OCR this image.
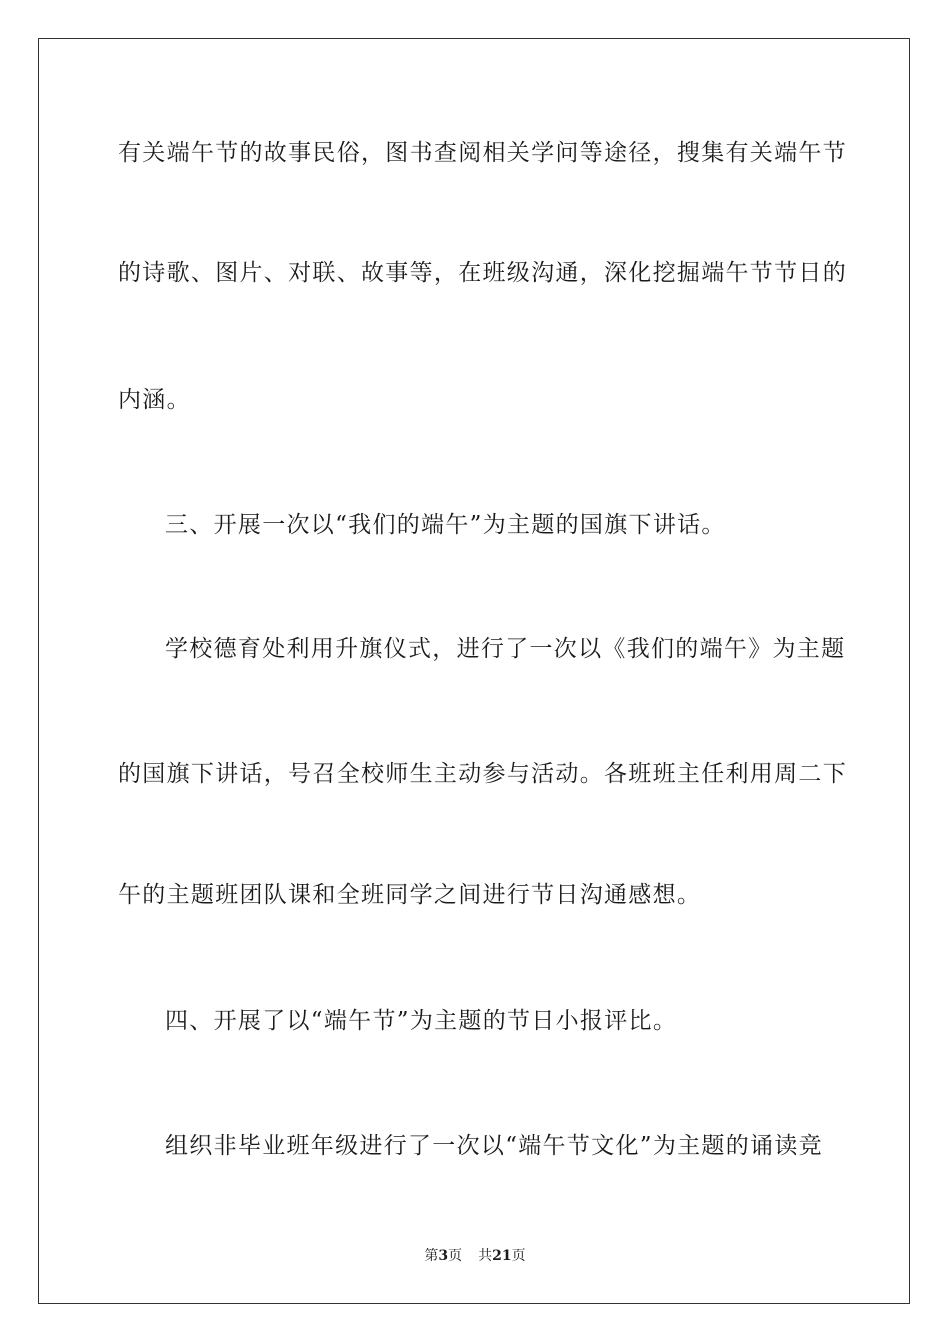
有关端午节的故事民俗，图书查阅相关学问等途径，搜集有关端午节
的诗歌、图片、对联、故事等，在班级沟通，深化挖掘端午节节日的
内涵。
三、开展一次以“我们的端午”为主题的国旗下讲话。
学校德育处利用升旗仪式，进行了一次以《我们的端午》为主题
的国旗下讲话，号召全校师生主动参与活动。各班班主任利用周二下
午的主题班团队课和全班同学之间进行节日沟通感想。
四、开展了以“端午节”为主题的节日小报评比。
组织非毕业班年级进行了一次以“端午节文化”为主题的诵读竞
第3页 共21页
